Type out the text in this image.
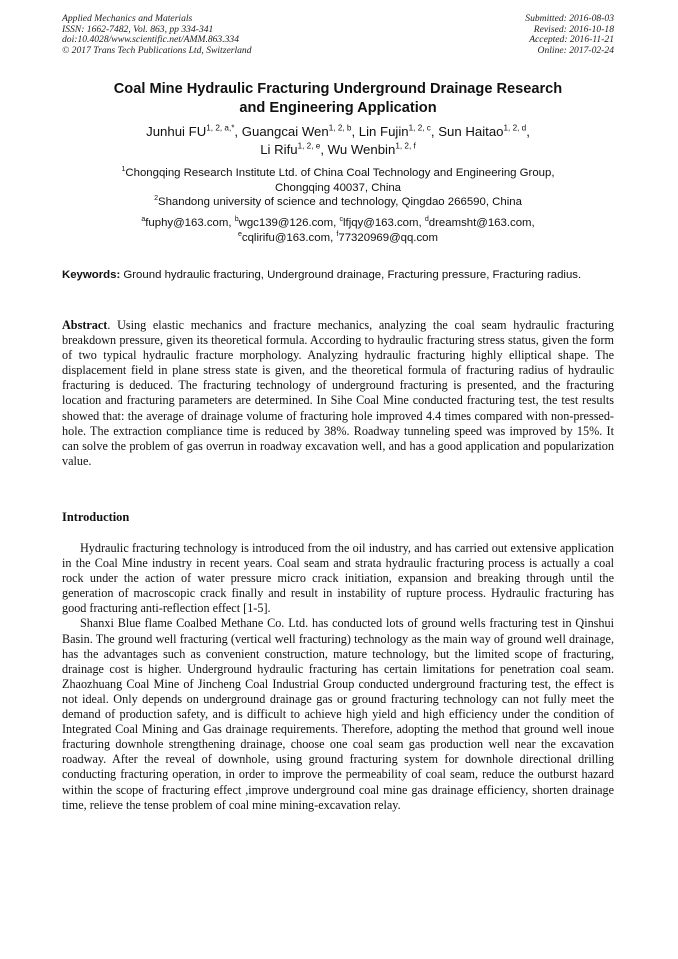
Applied Mechanics and Materials
ISSN: 1662-7482, Vol. 863, pp 334-341
doi:10.4028/www.scientific.net/AMM.863.334
© 2017 Trans Tech Publications Ltd, Switzerland
Submitted: 2016-08-03
Revised: 2016-10-18
Accepted: 2016-11-21
Online: 2017-02-24
Coal Mine Hydraulic Fracturing Underground Drainage Research
and Engineering Application
Junhui $FU^{1, 2, a,*}$, Guangcai Wen$^{1, 2, b}$, Lin Fujin$^{1, 2, c}$, Sun Haitao$^{1, 2, d}$,
Li Rifu$^{1, 2, e}$, Wu Wenbin$^{1, 2, f}$
$^1$Chongqing Research Institute Ltd. of China Coal Technology and Engineering Group,
Chongqing 40037, China
$^2$Shandong university of science and technology, Qingdao 266590, China
$^a$fuphy@163.com, $^b$wgc139@126.com, $^c$lfjqy@163.com, $^d$dreamsht@163.com,
$^e$cqlirifu@163.com, $^f$77320969@qq.com
Keywords: Ground hydraulic fracturing, Underground drainage, Fracturing pressure, Fracturing radius.
Abstract. Using elastic mechanics and fracture mechanics, analyzing the coal seam hydraulic fracturing breakdown pressure, given its theoretical formula. According to hydraulic fracturing stress status, given the form of two typical hydraulic fracture morphology. Analyzing hydraulic fracturing highly elliptical shape. The displacement field in plane stress state is given, and the theoretical formula of fracturing radius of hydraulic fracturing is deduced. The fracturing technology of underground fracturing is presented, and the fracturing location and fracturing parameters are determined. In Sihe Coal Mine conducted fracturing test, the test results showed that: the average of drainage volume of fracturing hole improved 4.4 times compared with non-pressed-hole. The extraction compliance time is reduced by 38%. Roadway tunneling speed was improved by 15%. It can solve the problem of gas overrun in roadway excavation well, and has a good application and popularization value.
Introduction

Hydraulic fracturing technology is introduced from the oil industry, and has carried out extensive application in the Coal Mine industry in recent years. Coal seam and strata hydraulic fracturing process is actually a coal rock under the action of water pressure micro crack initiation, expansion and breaking through until the generation of macroscopic crack finally and result in instability of rupture process. Hydraulic fracturing has good fracturing anti-reflection effect [1-5].

Shanxi Blue flame Coalbed Methane Co. Ltd. has conducted lots of ground wells fracturing test in Qinshui Basin. The ground well fracturing (vertical well fracturing) technology as the main way of ground well drainage, has the advantages such as convenient construction, mature technology, but the limited scope of fracturing, drainage cost is higher. Underground hydraulic fracturing has certain limitations for penetration coal seam. Zhaozhuang Coal Mine of Jincheng Coal Industrial Group conducted underground fracturing test, the effect is not ideal. Only depends on underground drainage gas or ground fracturing technology can not fully meet the demand of production safety, and is difficult to achieve high yield and high efficiency under the condition of Integrated Coal Mining and Gas drainage requirements. Therefore, adopting the method that ground well inoue fracturing downhole strengthening drainage, choose one coal seam gas production well near the excavation roadway. After the reveal of downhole, using ground fracturing system for downhole directional drilling conducting fracturing operation, in order to improve the permeability of coal seam, reduce the outburst hazard within the scope of fracturing effect ,improve underground coal mine gas drainage efficiency, shorten drainage time, relieve the tense problem of coal mine mining-excavation relay.
